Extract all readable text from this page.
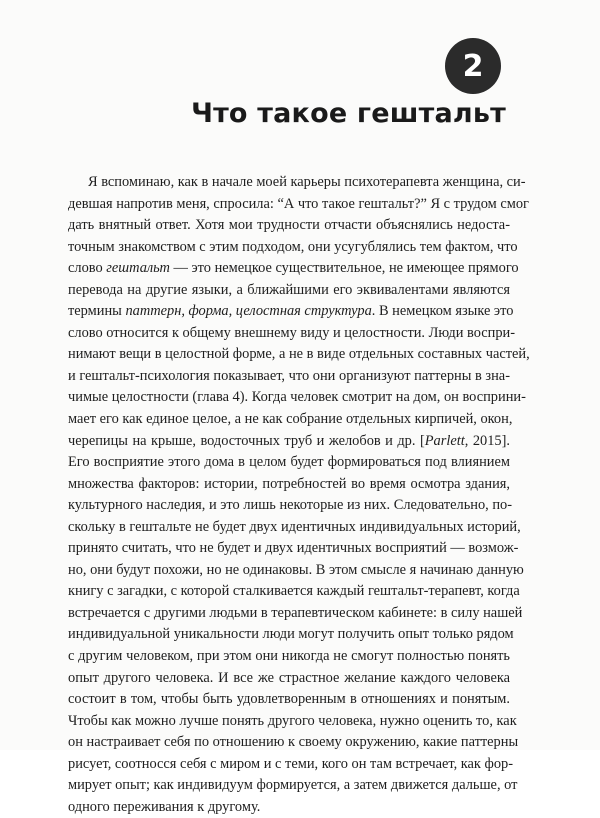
2
Что такое гештальт
Я вспоминаю, как в начале моей карьеры психотерапевта женщина, си-
девшая напротив меня, спросила: “А что такое гештальт?” Я с трудом смог
дать внятный ответ. Хотя мои трудности отчасти объяснялись недоста-
точным знакомством с этим подходом, они усугублялись тем фактом, что
слово гештальт — это немецкое существительное, не имеющее прямого
перевода на другие языки, а ближайшими его эквивалентами являются
термины паттерн, форма, целостная структура. В немецком языке это
слово относится к общему внешнему виду и целостности. Люди воспри-
нимают вещи в целостной форме, а не в виде отдельных составных частей,
и гештальт-психология показывает, что они организуют паттерны в зна-
чимые целостности (глава 4). Когда человек смотрит на дом, он восприни-
мает его как единое целое, а не как собрание отдельных кирпичей, окон,
черепицы на крыше, водосточных труб и желобов и др. [Parlett, 2015].
Его восприятие этого дома в целом будет формироваться под влиянием
множества факторов: истории, потребностей во время осмотра здания,
культурного наследия, и это лишь некоторые из них. Следовательно, по-
скольку в гештальте не будет двух идентичных индивидуальных историй,
принято считать, что не будет и двух идентичных восприятий — возмож-
но, они будут похожи, но не одинаковы. В этом смысле я начинаю данную
книгу с загадки, с которой сталкивается каждый гештальт-терапевт, когда
встречается с другими людьми в терапевтическом кабинете: в силу нашей
индивидуальной уникальности люди могут получить опыт только рядом
с другим человеком, при этом они никогда не смогут полностью понять
опыт другого человека. И все же страстное желание каждого человека
состоит в том, чтобы быть удовлетворенным в отношениях и понятым.
Чтобы как можно лучше понять другого человека, нужно оценить то, как
он настраивает себя по отношению к своему окружению, какие паттерны
рисует, соотносся себя с миром и с теми, кого он там встречает, как фор-
мирует опыт; как индивидуум формируется, а затем движется дальше, от
одного переживания к другому.
